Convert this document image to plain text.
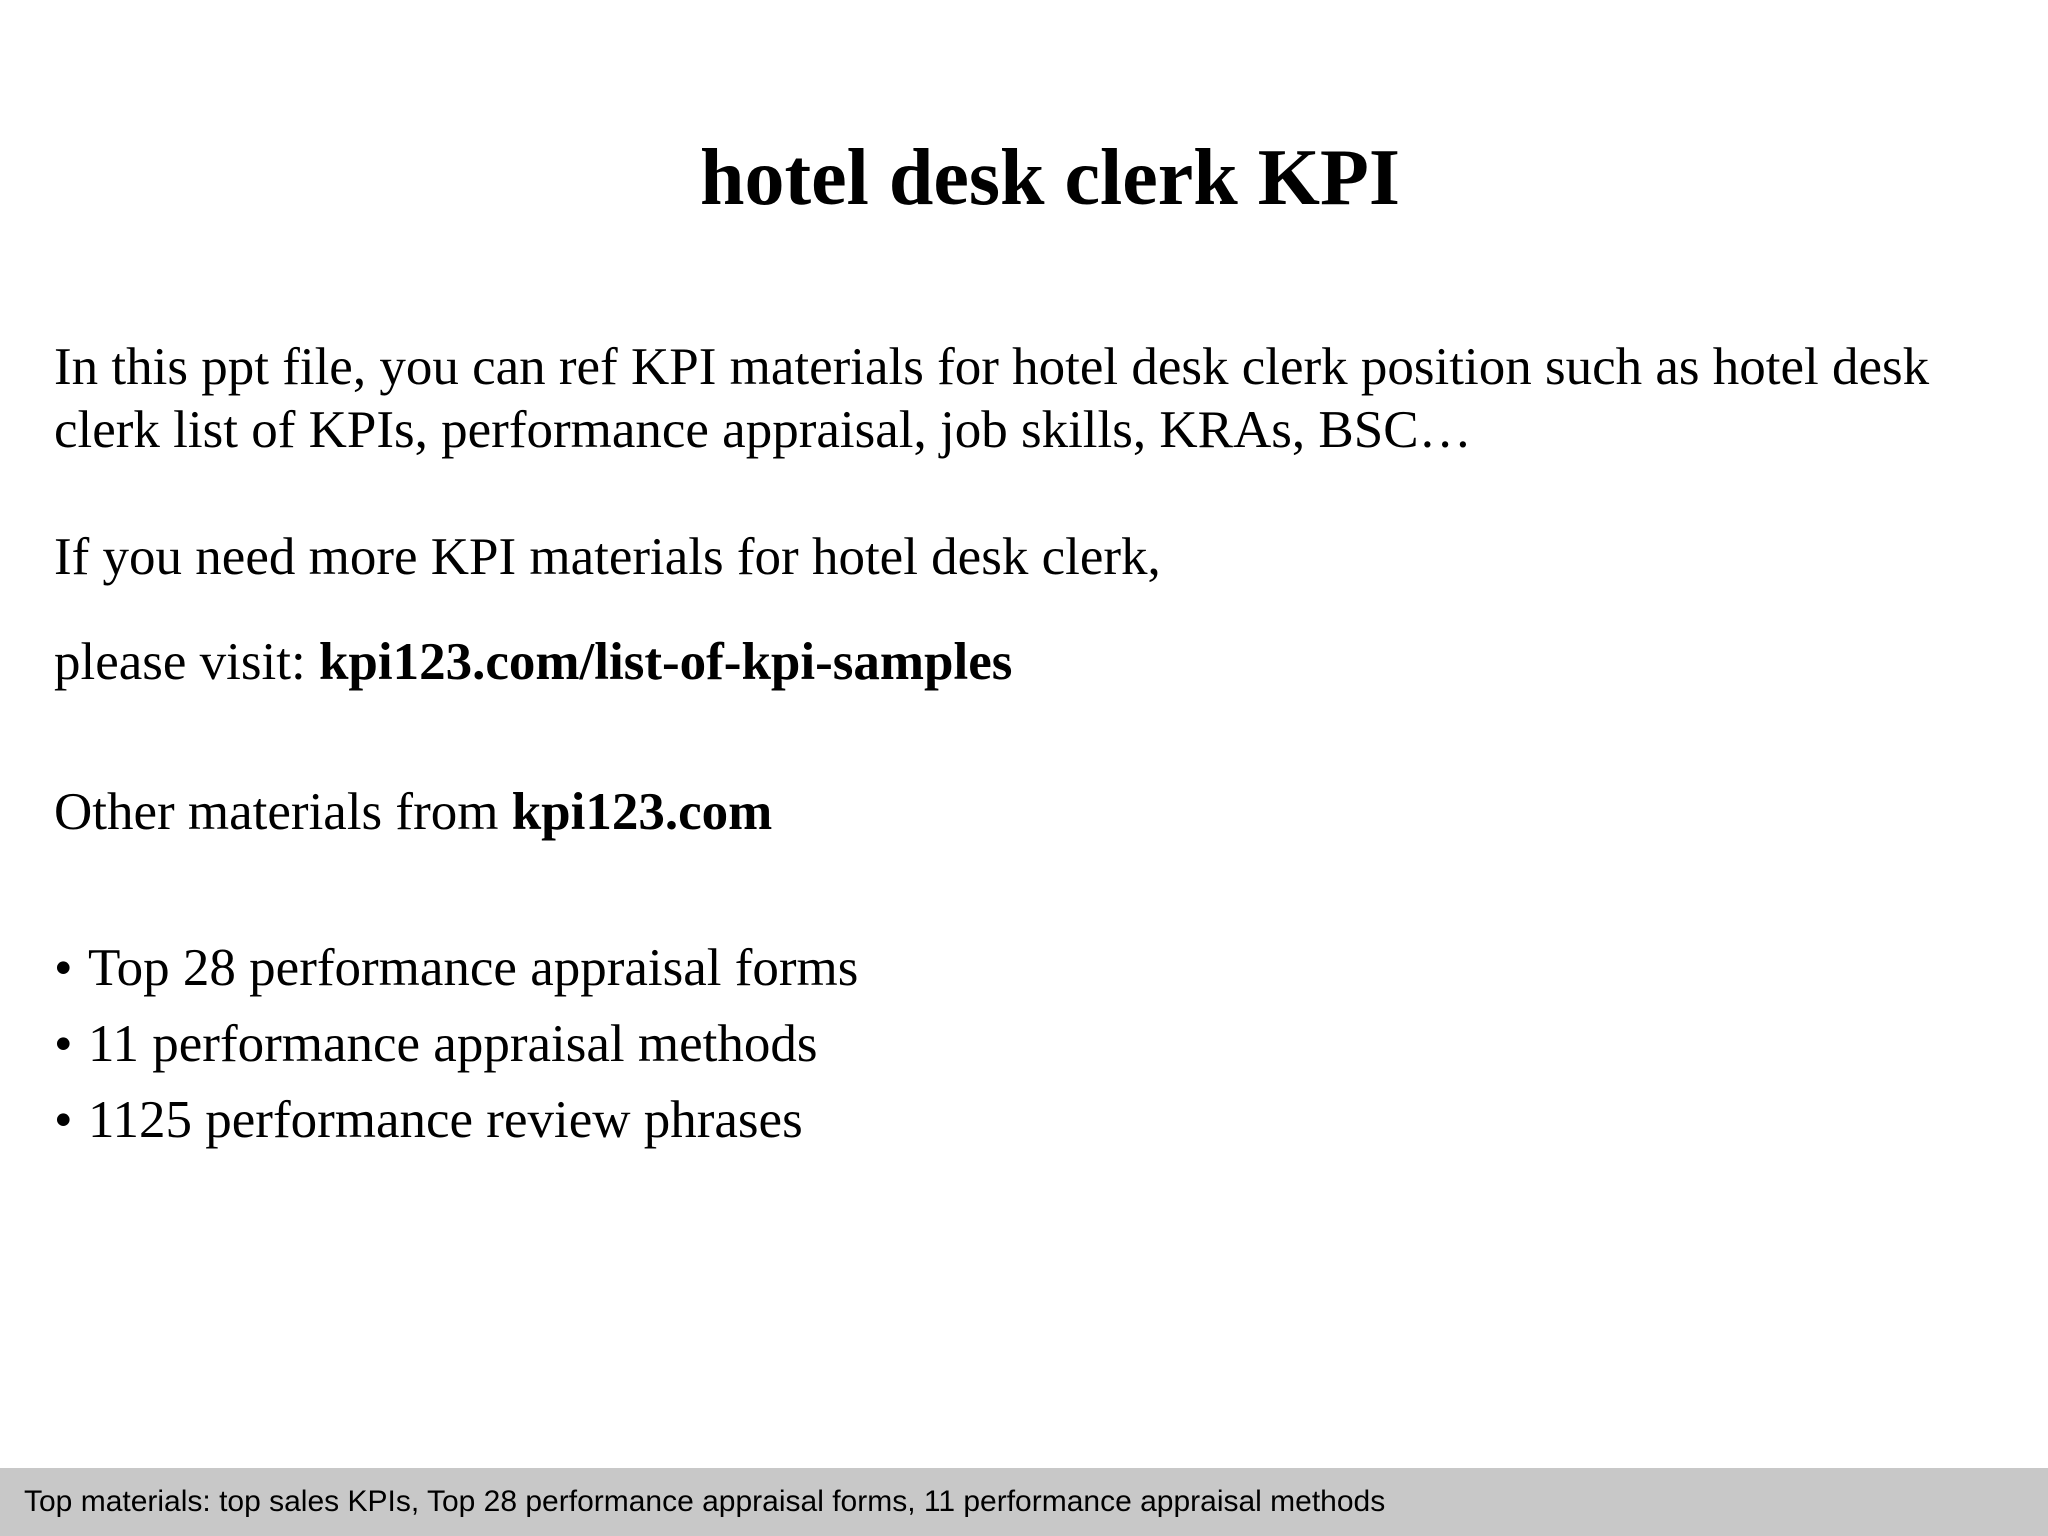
hotel desk clerk KPI

In this ppt file, you can ref KPI materials for hotel desk clerk position such as hotel desk clerk list of KPIs, performance appraisal, job skills, KRAs, BSC…

If you need more KPI materials for hotel desk clerk,

please visit: kpi123.com/list-of-kpi-samples

Other materials from kpi123.com

• Top 28 performance appraisal forms
• 11 performance appraisal methods
• 1125 performance review phrases
Top materials: top sales KPIs, Top 28 performance appraisal forms, 11 performance appraisal methods
